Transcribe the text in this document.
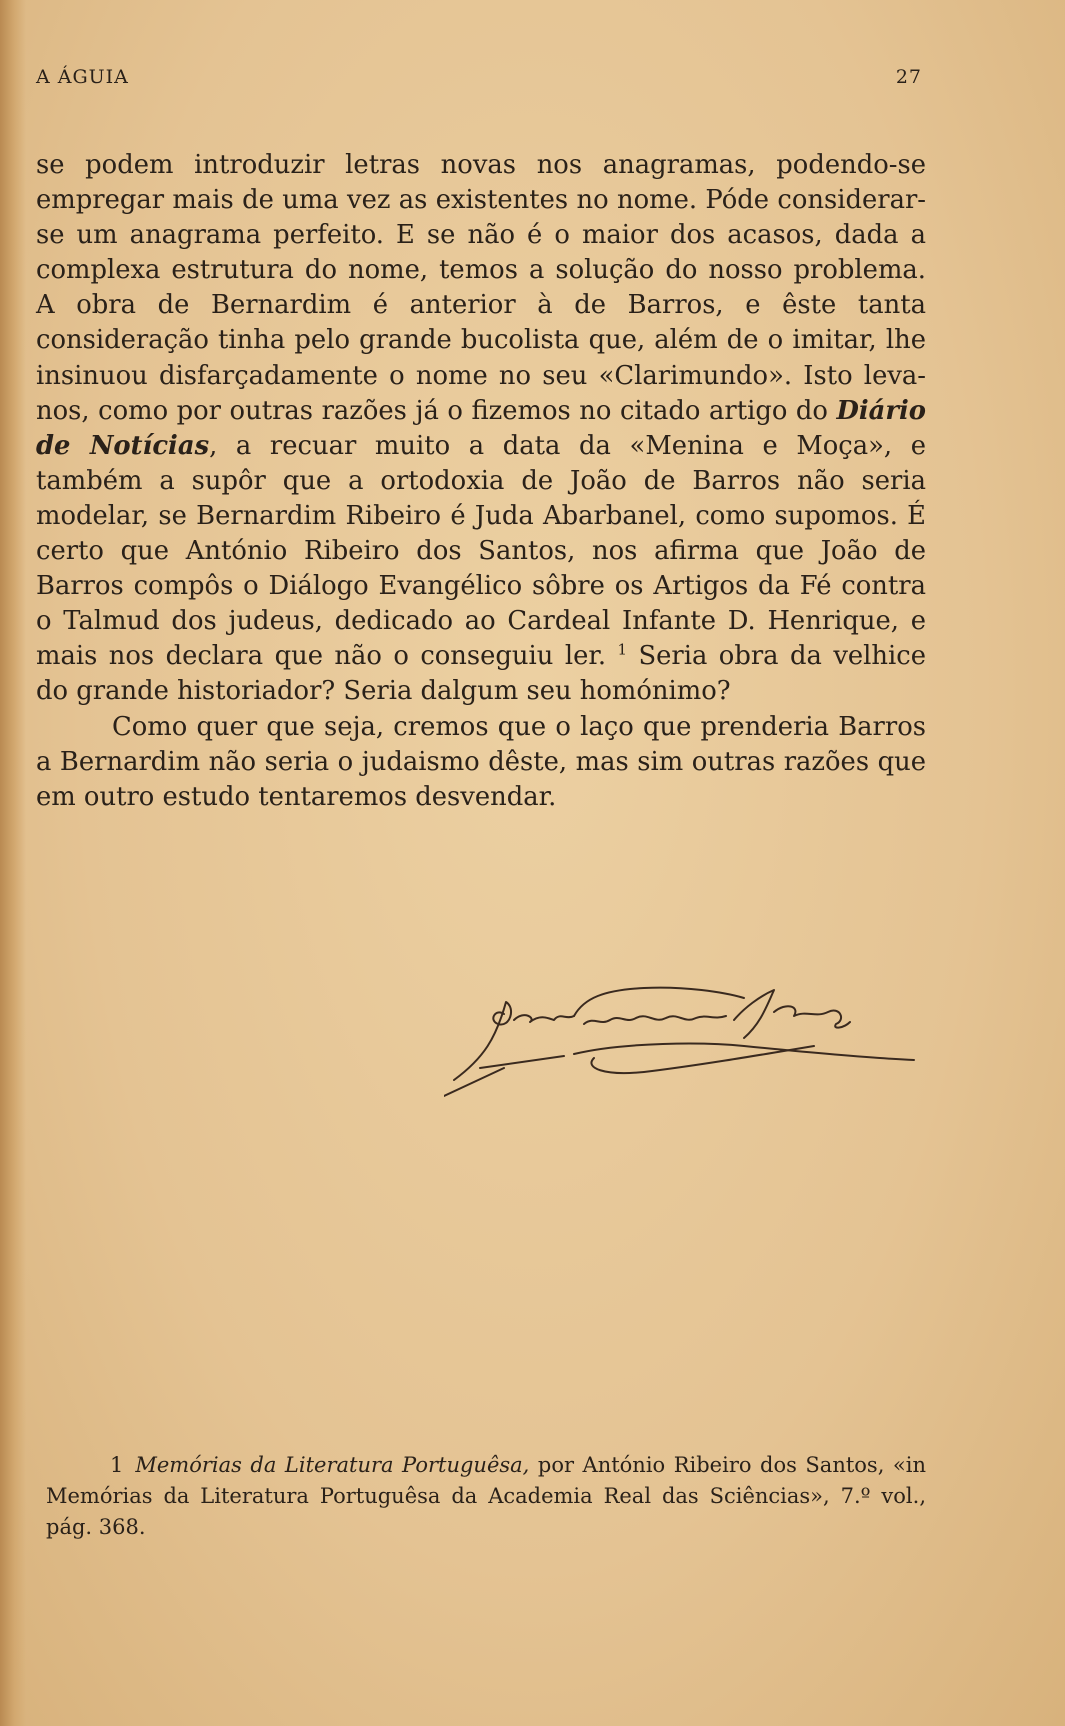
A ÁGUIA	27

se podem introduzir letras novas nos anagramas, podendo-se empregar mais de uma vez as existentes no nome. Póde considerar-se um anagrama perfeito. E se não é o maior dos acasos, dada a complexa estrutura do nome, temos a solução do nosso problema. A obra de Bernardim é anterior à de Barros, e êste tanta consideração tinha pelo grande bucolista que, além de o imitar, lhe insinuou disfarçadamente o nome no seu «Clarimundo». Isto leva-nos, como por outras razões já o fizemos no citado artigo do Diário de Notícias, a recuar muito a data da «Menina e Moça», e também a supôr que a ortodoxia de João de Barros não seria modelar, se Bernardim Ribeiro é Juda Abarbanel, como supomos. É certo que António Ribeiro dos Santos, nos afirma que João de Barros compôs o Diálogo Evangélico sôbre os Artigos da Fé contra o Talmud dos judeus, dedicado ao Cardeal Infante D. Henrique, e mais nos declara que não o conseguiu ler. $^1$ Seria obra da velhice do grande historiador? Seria dalgum seu homónimo?

Como quer que seja, cremos que o laço que prenderia Barros a Bernardim não seria o judaismo dêste, mas sim outras razões que em outro estudo tentaremos desvendar.

1 Memórias da Literatura Portuguêsa, por António Ribeiro dos Santos, «in Memórias da Literatura Portuguêsa da Academia Real das Sciências», 7.º vol., pág. 368.
